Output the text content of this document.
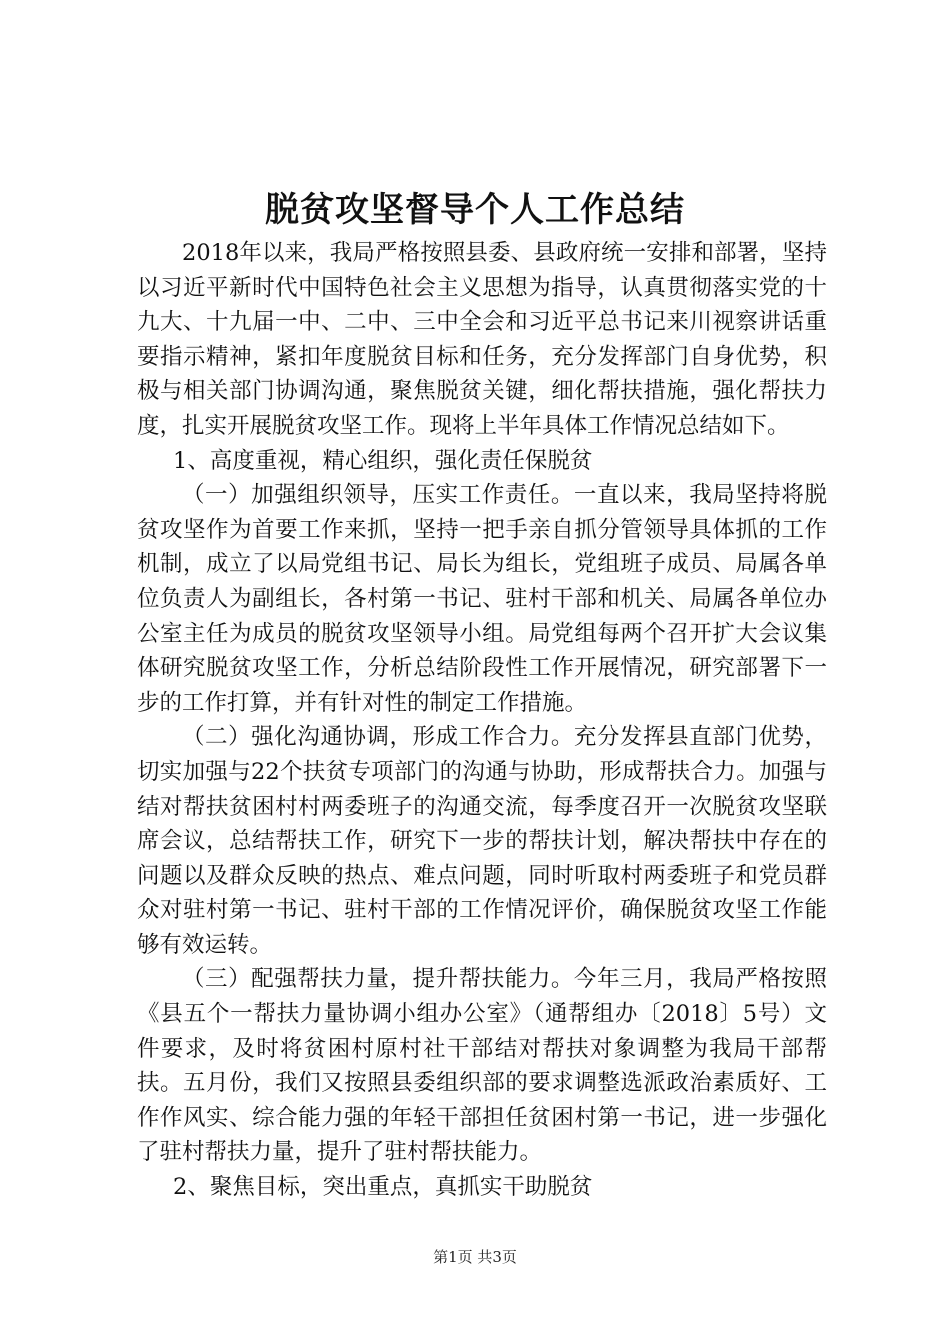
脱贫攻坚督导个人工作总结

2018年以来，我局严格按照县委、县政府统一安排和部署，坚持以习近平新时代中国特色社会主义思想为指导，认真贯彻落实党的十九大、十九届一中、二中、三中全会和习近平总书记来川视察讲话重要指示精神，紧扣年度脱贫目标和任务，充分发挥部门自身优势，积极与相关部门协调沟通，聚焦脱贫关键，细化帮扶措施，强化帮扶力度，扎实开展脱贫攻坚工作。现将上半年具体工作情况总结如下。

1、高度重视，精心组织，强化责任保脱贫

（一）加强组织领导，压实工作责任。一直以来，我局坚持将脱贫攻坚作为首要工作来抓，坚持一把手亲自抓分管领导具体抓的工作机制，成立了以局党组书记、局长为组长，党组班子成员、局属各单位负责人为副组长，各村第一书记、驻村干部和机关、局属各单位办公室主任为成员的脱贫攻坚领导小组。局党组每两个召开扩大会议集体研究脱贫攻坚工作，分析总结阶段性工作开展情况，研究部署下一步的工作打算，并有针对性的制定工作措施。

（二）强化沟通协调，形成工作合力。充分发挥县直部门优势，切实加强与22个扶贫专项部门的沟通与协助，形成帮扶合力。加强与结对帮扶贫困村村两委班子的沟通交流，每季度召开一次脱贫攻坚联席会议，总结帮扶工作，研究下一步的帮扶计划，解决帮扶中存在的问题以及群众反映的热点、难点问题，同时听取村两委班子和党员群众对驻村第一书记、驻村干部的工作情况评价，确保脱贫攻坚工作能够有效运转。

（三）配强帮扶力量，提升帮扶能力。今年三月，我局严格按照《县五个一帮扶力量协调小组办公室》（通帮组办〔2018〕5号）文件要求，及时将贫困村原村社干部结对帮扶对象调整为我局干部帮扶。五月份，我们又按照县委组织部的要求调整选派政治素质好、工作作风实、综合能力强的年轻干部担任贫困村第一书记，进一步强化了驻村帮扶力量，提升了驻村帮扶能力。

2、聚焦目标，突出重点，真抓实干助脱贫

第1页 共3页
